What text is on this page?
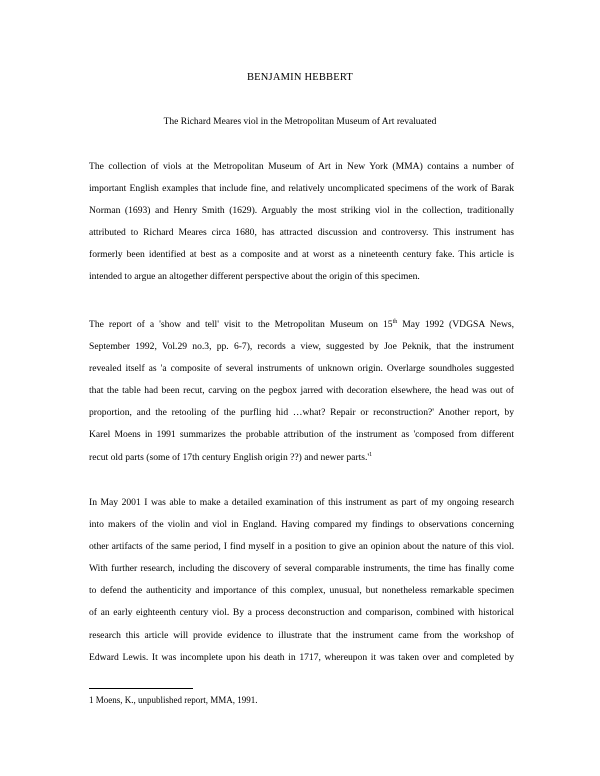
BENJAMIN HEBBERT
The Richard Meares viol in the Metropolitan Museum of Art revaluated
The collection of viols at the Metropolitan Museum of Art in New York (MMA) contains a number of
important English examples that include fine, and relatively uncomplicated specimens of the work of Barak
Norman (1693) and Henry Smith (1629). Arguably the most striking viol in the collection, traditionally
attributed to Richard Meares circa 1680, has attracted discussion and controversy. This instrument has
formerly been identified at best as a composite and at worst as a nineteenth century fake. This article is
intended to argue an altogether different perspective about the origin of this specimen.
The report of a 'show and tell' visit to the Metropolitan Museum on 15th May 1992 (VDGSA News,
September 1992, Vol.29 no.3, pp. 6-7), records a view, suggested by Joe Peknik, that the instrument
revealed itself as 'a composite of several instruments of unknown origin. Overlarge soundholes suggested
that the table had been recut, carving on the pegbox jarred with decoration elsewhere, the head was out of
proportion, and the retooling of the purfling hid …what? Repair or reconstruction?' Another report, by
Karel Moens in 1991 summarizes the probable attribution of the instrument as 'composed from different
recut old parts (some of 17th century English origin ??) and newer $parts.'^1$
In May 2001 I was able to make a detailed examination of this instrument as part of my ongoing research
into makers of the violin and viol in England. Having compared my findings to observations concerning
other artifacts of the same period, I find myself in a position to give an opinion about the nature of this viol.
With further research, including the discovery of several comparable instruments, the time has finally come
to defend the authenticity and importance of this complex, unusual, but nonetheless remarkable specimen
of an early eighteenth century viol. By a process deconstruction and comparison, combined with historical
research this article will provide evidence to illustrate that the instrument came from the workshop of
Edward Lewis. It was incomplete upon his death in 1717, whereupon it was taken over and completed by
1 Moens, K., unpublished report, MMA, 1991.
